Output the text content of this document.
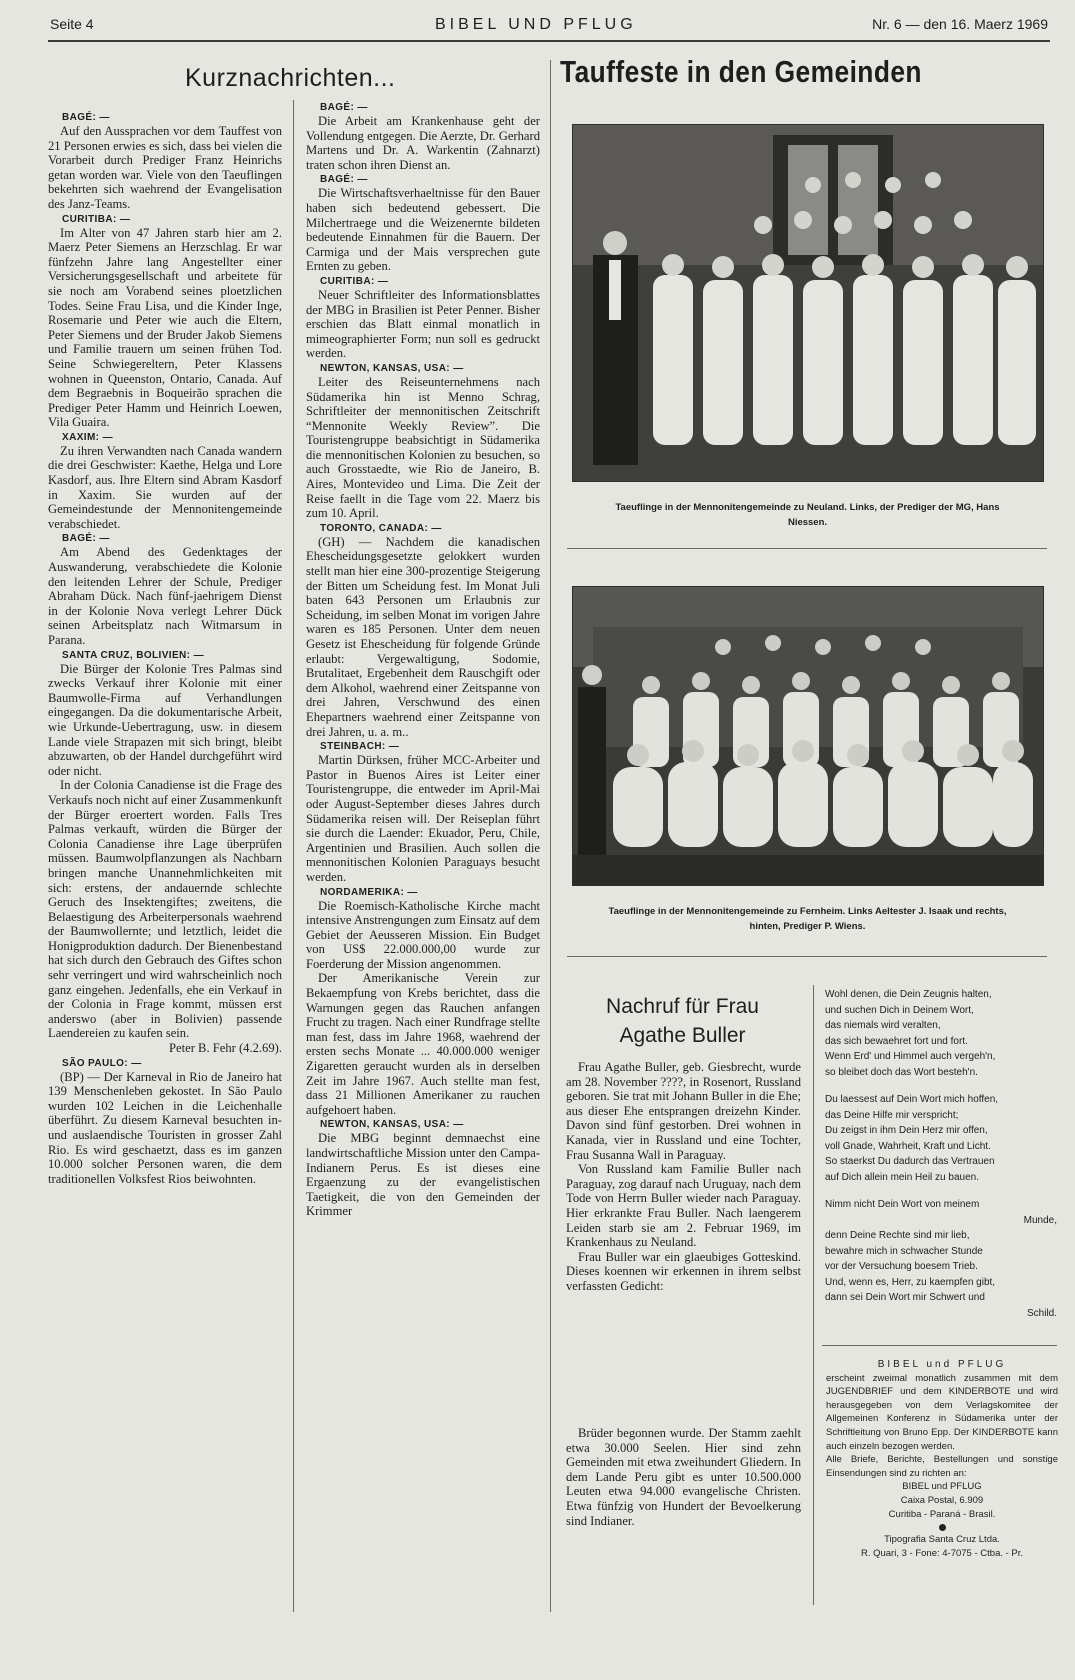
Seite 4	BIBEL UND PFLUG	Nr. 6 — den 16. Maerz 1969
Kurznachrichten...
BAGÉ: —

Auf den Aussprachen vor dem Tauffest von 21 Personen erwies es sich, dass bei vielen die Vorarbeit durch Prediger Franz Heinrichs getan worden war. Viele von den Taeuflingen bekehrten sich waehrend der Evangelisation des Janz-Teams.

CURITIBA: —

Im Alter von 47 Jahren starb hier am 2. Maerz Peter Siemens an Herzschlag. Er war fünfzehn Jahre lang Angestellter einer Versicherungsgesellschaft und arbeitete für sie noch am Vorabend seines ploetzlichen Todes. Seine Frau Lisa, und die Kinder Inge, Rosemarie und Peter wie auch die Eltern, Peter Siemens und der Bruder Jakob Siemens und Familie trauern um seinen frühen Tod. Seine Schwiegereltern, Peter Klassens wohnen in Queenston, Ontario, Canada. Auf dem Begraebnis in Boqueirão sprachen die Prediger Peter Hamm und Heinrich Loewen, Vila Guaira.

XAXIM: —

Zu ihren Verwandten nach Canada wandern die drei Geschwister: Kaethe, Helga und Lore Kasdorf, aus. Ihre Eltern sind Abram Kasdorf in Xaxim. Sie wurden auf der Gemeindestunde der Mennonitengemeinde verabschiedet.

BAGÉ: —

Am Abend des Gedenktages der Auswanderung, verabschiedete die Kolonie den leitenden Lehrer der Schule, Prediger Abraham Dück. Nach fünf-jaehrigem Dienst in der Kolonie Nova verlegt Lehrer Dück seinen Arbeitsplatz nach Witmarsum in Parana.

SANTA CRUZ, BOLIVIEN: —

Die Bürger der Kolonie Tres Palmas sind zwecks Verkauf ihrer Kolonie mit einer Baumwolle-Firma auf Verhandlungen eingegangen. Da die dokumentarische Arbeit, wie Urkunde-Uebertragung, usw. in diesem Lande viele Strapazen mit sich bringt, bleibt abzuwarten, ob der Handel durchgeführt wird oder nicht.

In der Colonia Canadiense ist die Frage des Verkaufs noch nicht auf einer Zusammenkunft der Bürger eroertert worden. Falls Tres Palmas verkauft, würden die Bürger der Colonia Canadiense ihre Lage überprüfen müssen. Baumwolpflanzungen als Nachbarn bringen manche Unannehmlichkeiten mit sich: erstens, der andauernde schlechte Geruch des Insektengiftes; zweitens, die Belaestigung des Arbeiterpersonals waehrend der Baumwollernte; und letztlich, leidet die Honigproduktion dadurch. Der Bienenbestand hat sich durch den Gebrauch des Giftes schon sehr verringert und wird wahrscheinlich noch ganz eingehen. Jedenfalls, ehe ein Verkauf in der Colonia in Frage kommt, müssen erst anderswo (aber in Bolivien) passende Laendereien zu kaufen sein.

Peter B. Fehr (4.2.69).

SÃO PAULO: —

(BP) — Der Karneval in Rio de Janeiro hat 139 Menschenleben gekostet. In São Paulo wurden 102 Leichen in die Leichenhalle überführt. Zu diesem Karneval besuchten in- und auslaendische Touristen in grosser Zahl Rio. Es wird geschaetzt, dass es im ganzen 10.000 solcher Personen waren, die dem traditionellen Volksfest Rios beiwohnten.

BAGÉ: —

Die Arbeit am Krankenhause geht der Vollendung entgegen. Die Aerzte, Dr. Gerhard Martens und Dr. A. Warkentin (Zahnarzt) traten schon ihren Dienst an.

BAGÉ: —

Die Wirtschaftsverhaeltnisse für den Bauer haben sich bedeutend gebessert. Die Milchertraege und die Weizenernte bildeten bedeutende Einnahmen für die Bauern. Der Carmiga und der Mais versprechen gute Ernten zu geben.

CURITIBA: —

Neuer Schriftleiter des Informationsblattes der MBG in Brasilien ist Peter Penner. Bisher erschien das Blatt einmal monatlich in mimeographierter Form; nun soll es gedruckt werden.

NEWTON, KANSAS, USA: —

Leiter des Reiseunternehmens nach Südamerika hin ist Menno Schrag, Schriftleiter der mennonitischen Zeitschrift “Mennonite Weekly Review”. Die Touristengruppe beabsichtigt in Südamerika die mennonitischen Kolonien zu besuchen, so auch Grosstaedte, wie Rio de Janeiro, B. Aires, Montevideo und Lima. Die Zeit der Reise faellt in die Tage vom 22. Maerz bis zum 10. April.

TORONTO, CANADA: —

(GH) — Nachdem die kanadischen Ehescheidungsgesetzte gelokkert wurden stellt man hier eine 300-prozentige Steigerung der Bitten um Scheidung fest. Im Monat Juli baten 643 Personen um Erlaubnis zur Scheidung, im selben Monat im vorigen Jahre waren es 185 Personen. Unter dem neuen Gesetz ist Ehescheidung für folgende Gründe erlaubt: Vergewaltigung, Sodomie, Brutalitaet, Ergebenheit dem Rauschgift oder dem Alkohol, waehrend einer Zeitspanne von drei Jahren, Verschwund des einen Ehepartners waehrend einer Zeitspanne von drei Jahren, u. a. m..

STEINBACH: —

Martin Dürksen, früher MCC-Arbeiter und Pastor in Buenos Aires ist Leiter einer Touristengruppe, die entweder im April-Mai oder August-September dieses Jahres durch Südamerika reisen will. Der Reiseplan führt sie durch die Laender: Ekuador, Peru, Chile, Argentinien und Brasilien. Auch sollen die mennonitischen Kolonien Paraguays besucht werden.

NORDAMERIKA: —

Die Roemisch-Katholische Kirche macht intensive Anstrengungen zum Einsatz auf dem Gebiet der Aeusseren Mission. Ein Budget von US$ 22.000.000,00 wurde zur Foerderung der Mission angenommen.

Der Amerikanische Verein zur Bekaempfung von Krebs berichtet, dass die Warnungen gegen das Rauchen anfangen Frucht zu tragen. Nach einer Rundfrage stellte man fest, dass im Jahre 1968, waehrend der ersten sechs Monate ... 40.000.000 weniger Zigaretten geraucht wurden als in derselben Zeit im Jahre 1967. Auch stellte man fest, dass 21 Millionen Amerikaner zu rauchen aufgehoert haben.

NEWTON, KANSAS, USA: —

Die MBG beginnt demnaechst eine landwirtschaftliche Mission unter den Campa-Indianern Perus. Es ist dieses eine Ergaenzung zu der evangelistischen Taetigkeit, die von den Gemeinden der Krimmer

Tauffeste in den Gemeinden
Taeuflinge in der Mennonitengemeinde zu Neuland. Links, der Prediger der MG, Hans Niessen.
Taeuflinge in der Mennonitengemeinde zu Fernheim. Links Aeltester J. Isaak und rechts, hinten, Prediger P. Wiens.
Nachruf für Frau Agathe Buller

Frau Agathe Buller, geb. Giesbrecht, wurde am 28. November ????, in Rosenort, Russland geboren. Sie trat mit Johann Buller in die Ehe; aus dieser Ehe entsprangen dreizehn Kinder. Davon sind fünf gestorben. Drei wohnen in Kanada, vier in Russland und eine Tochter, Frau Susanna Wall in Paraguay.

Von Russland kam Familie Buller nach Paraguay, zog darauf nach Uruguay, nach dem Tode von Herrn Buller wieder nach Paraguay. Hier erkrankte Frau Buller. Nach laengerem Leiden starb sie am 2. Februar 1969, im Krankenhaus zu Neuland.

Frau Buller war ein glaeubiges Gotteskind. Dieses koennen wir erkennen in ihrem selbst verfassten Gedicht:

Brüder begonnen wurde. Der Stamm zaehlt etwa 30.000 Seelen. Hier sind zehn Gemeinden mit etwa zweihundert Gliedern. In dem Lande Peru gibt es unter 10.500.000 Leuten etwa 94.000 evangelische Christen. Etwa fünfzig von Hundert der Bevoelkerung sind Indianer.

Wohl denen, die Dein Zeugnis halten,
und suchen Dich in Deinem Wort,
das niemals wird veralten,
das sich bewaehret fort und fort.
Wenn Erd' und Himmel auch vergeh'n,
so bleibet doch das Wort besteh'n.

Du laessest auf Dein Wort mich hoffen,
das Deine Hilfe mir verspricht;
Du zeigst in ihm Dein Herz mir offen,
voll Gnade, Wahrheit, Kraft und Licht.
So staerkst Du dadurch das Vertrauen
auf Dich allein mein Heil zu bauen.

Nimm nicht Dein Wort von meinem

Munde,

denn Deine Rechte sind mir lieb,
bewahre mich in schwacher Stunde
vor der Versuchung boesem Trieb.
Und, wenn es, Herr, zu kaempfen gibt,
dann sei Dein Wort mir Schwert und

Schild.

BIBEL und PFLUG

erscheint zweimal monatlich zusammen mit dem JUGENDBRIEF und dem KINDERBOTE und wird herausgegeben von dem Verlagskomitee der Allgemeinen Konferenz in Südamerika unter der Schriftleitung von Bruno Epp. Der KINDERBOTE kann auch einzeln bezogen werden.
Alle Briefe, Berichte, Bestellungen und sonstige Einsendungen sind zu richten an:

BIBEL und PFLUG
Caixa Postal, 6.909
Curitiba - Paraná - Brasil.

Tipografia Santa Cruz Ltda.
R. Quari, 3 - Fone: 4-7075 - Ctba. - Pr.
